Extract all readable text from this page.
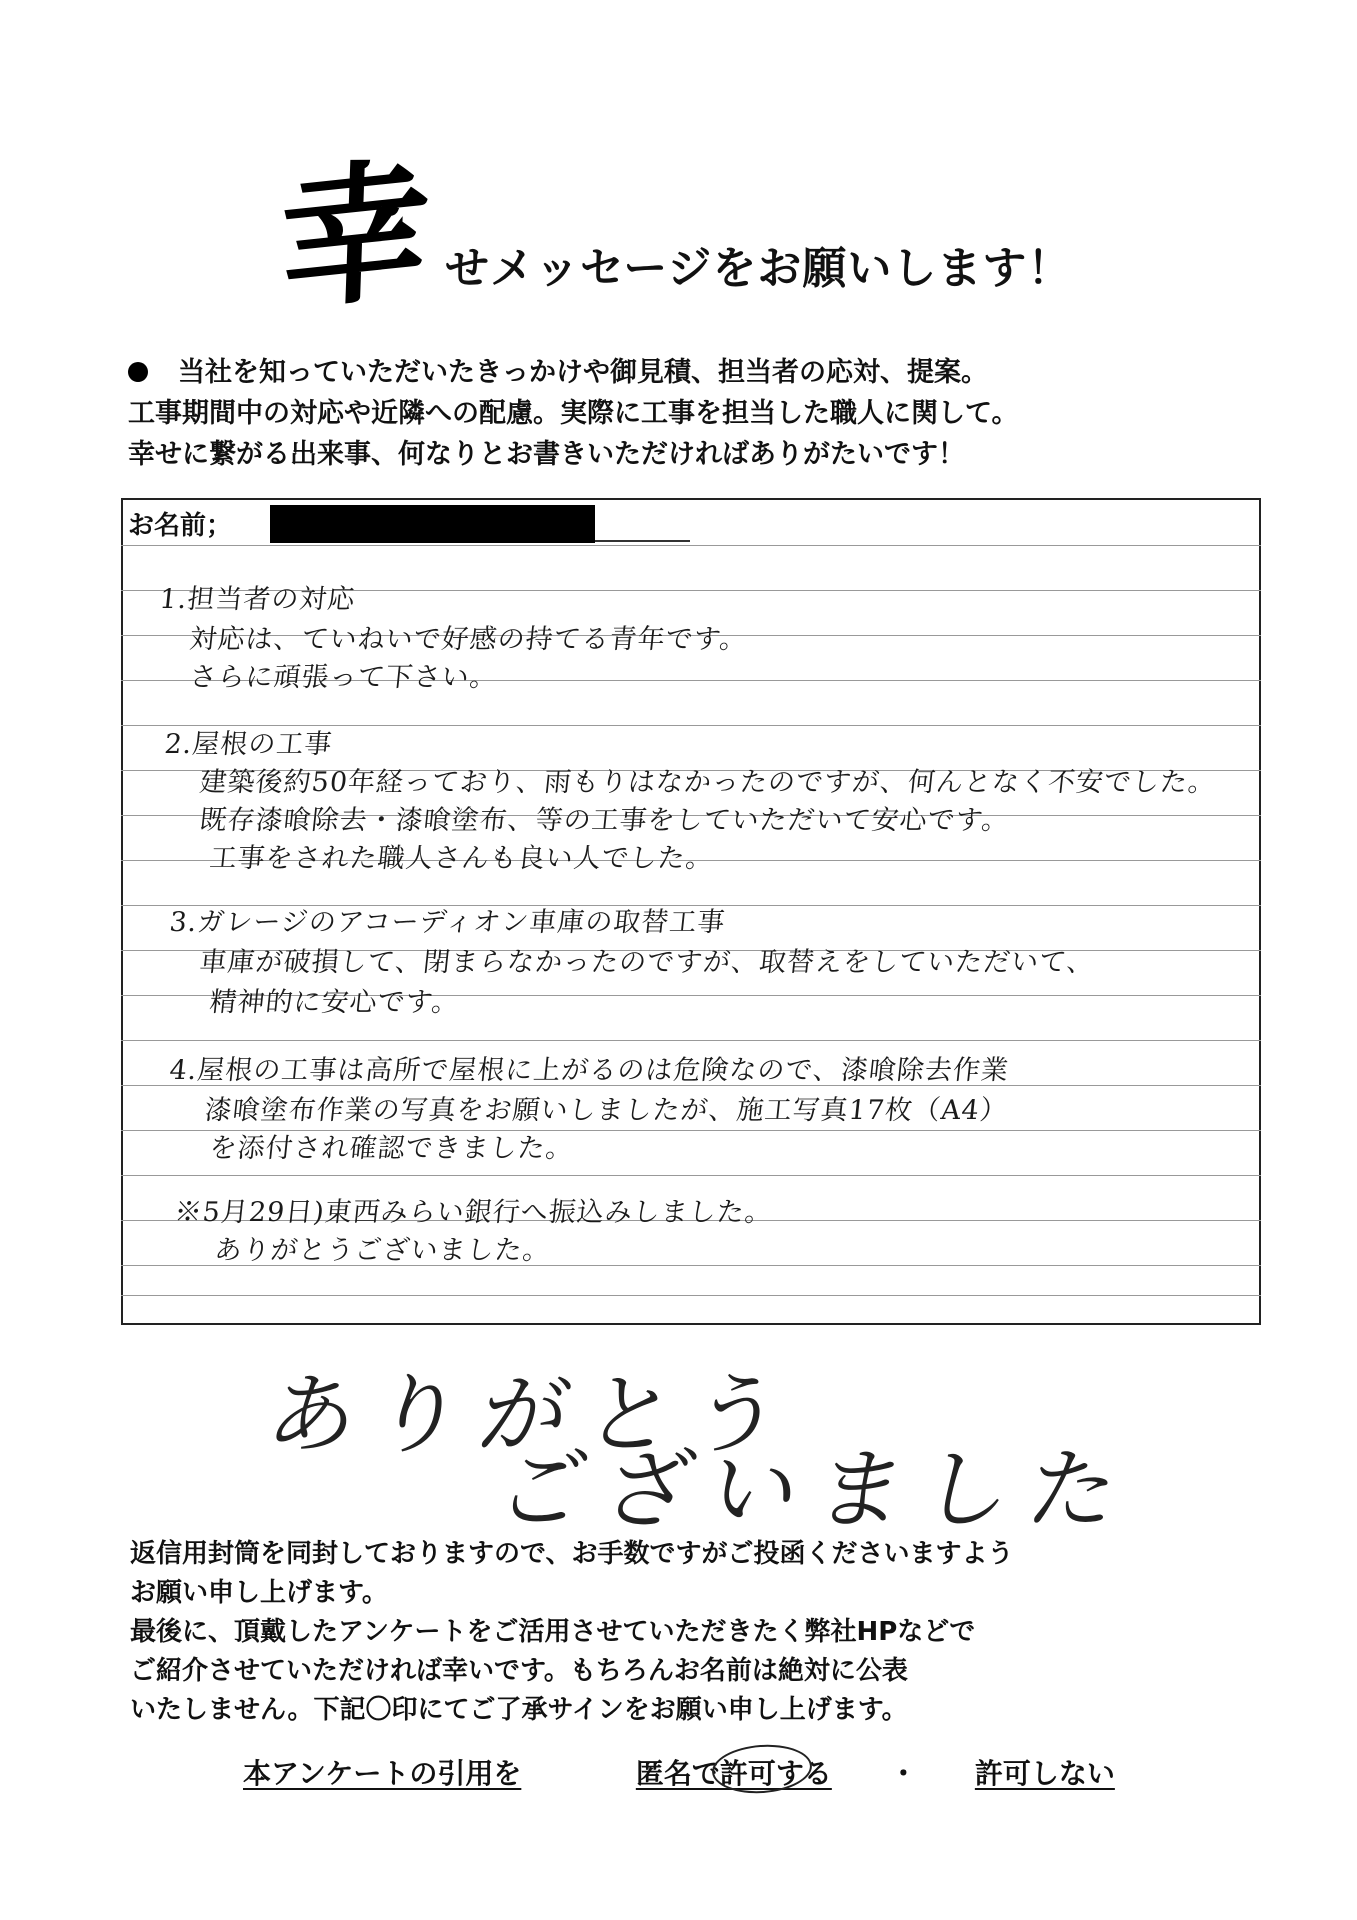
幸 せメッセージをお願いします！
当社を知っていただいたきっかけや御見積、担当者の応対、提案。
工事期間中の対応や近隣への配慮。実際に工事を担当した職人に関して。
幸せに繋がる出来事、何なりとお書きいただければありがたいです！
お名前；
1.担当者の対応
対応は、ていねいで好感の持てる青年です。
さらに頑張って下さい。
2.屋根の工事
建築後約50年経っており、雨もりはなかったのですが、何んとなく不安でした。
既存漆喰除去・漆喰塗布、等の工事をしていただいて安心です。
工事をされた職人さんも良い人でした。
3.ガレージのアコーディオン車庫の取替工事
車庫が破損して、閉まらなかったのですが、取替えをしていただいて、
精神的に安心です。
4.屋根の工事は高所で屋根に上がるのは危険なので、漆喰除去作業
漆喰塗布作業の写真をお願いしましたが、施工写真17枚（A4）
を添付され確認できました。
※5月29日)東西みらい銀行へ振込みしました。
ありがとうございました。
ありがとう
ございました
返信用封筒を同封しておりますので、お手数ですがご投函くださいますよう
お願い申し上げます。
最後に、頂戴したアンケートをご活用させていただきたく弊社HPなどで
ご紹介させていただければ幸いです。もちろんお名前は絶対に公表
いたしません。下記〇印にてご了承サインをお願い申し上げます。
本アンケートの引用を	匿名で許可する ・ 許可しない
